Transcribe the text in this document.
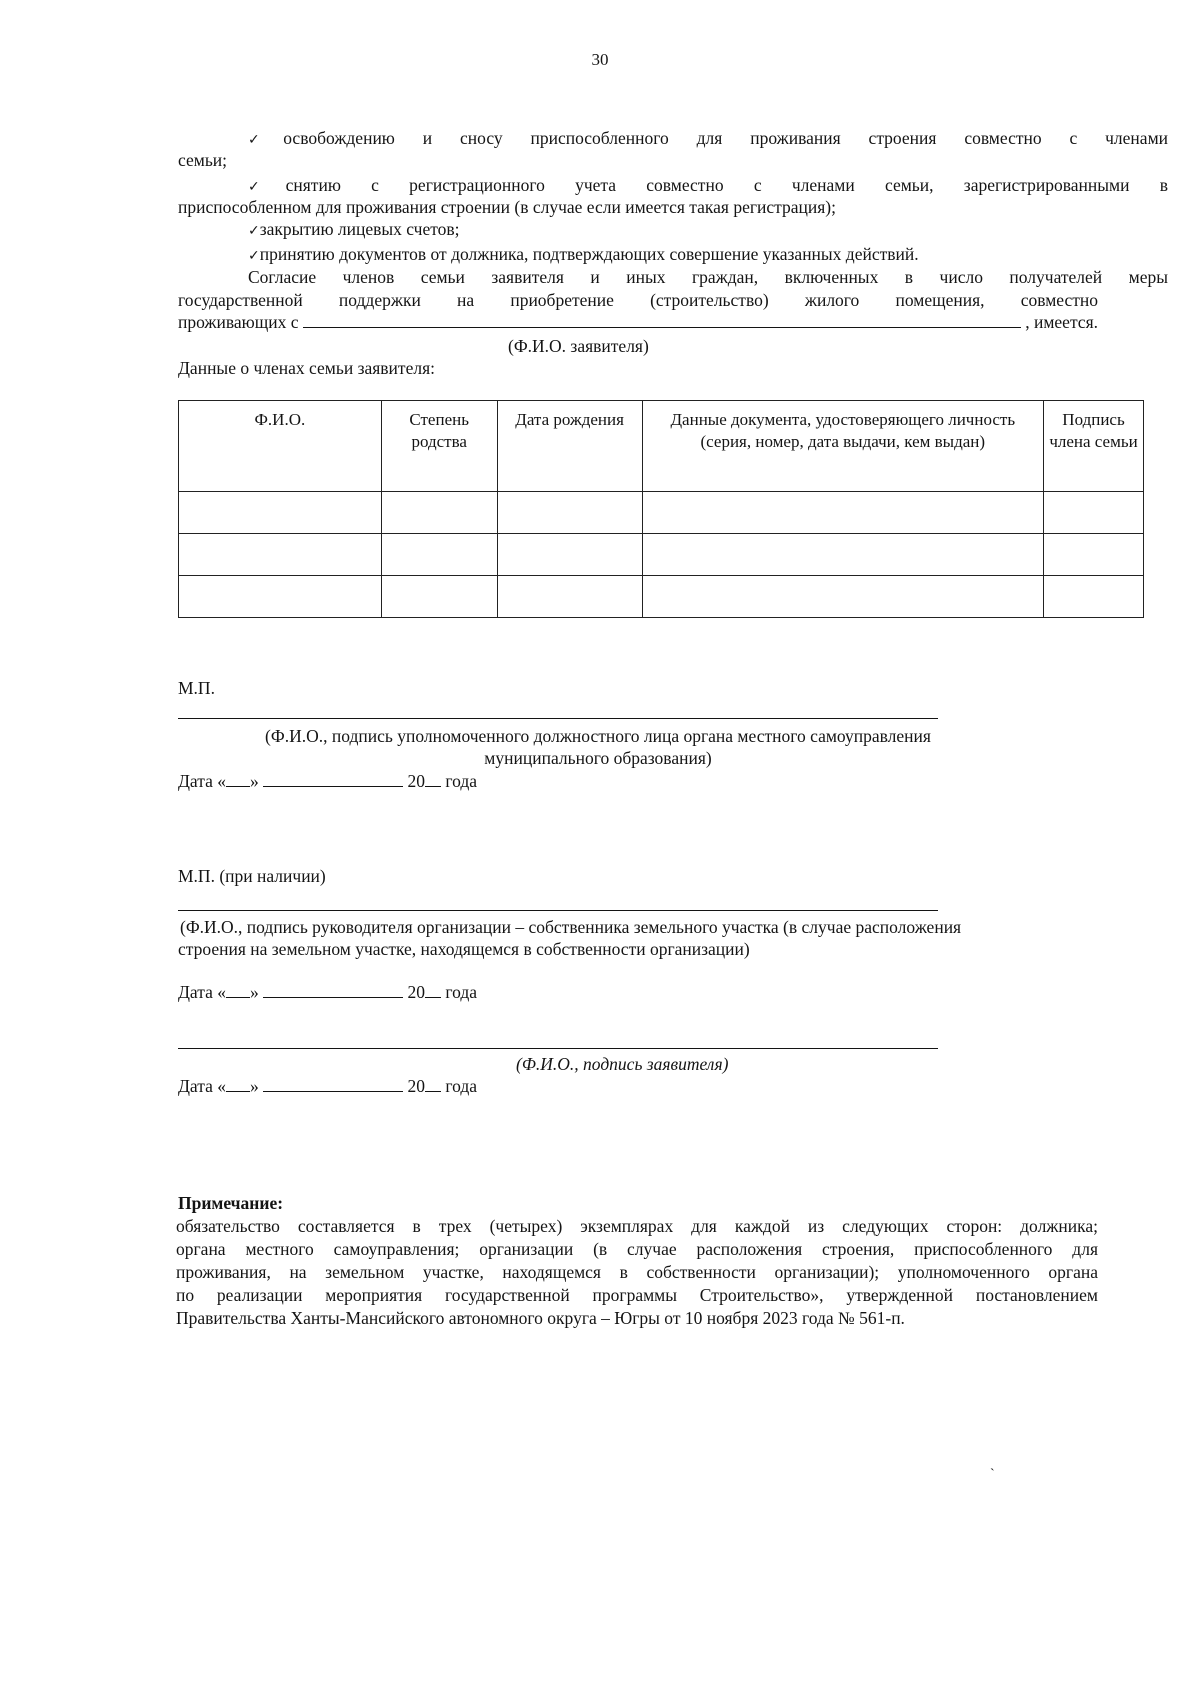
30
✓освобождению и сносу приспособленного для проживания строения совместно с членами
семьи;
✓снятию с регистрационного учета совместно с членами семьи, зарегистрированными в
приспособленном для проживания строении (в случае если имеется такая регистрация);
✓закрытию лицевых счетов;
✓принятию документов от должника, подтверждающих совершение указанных действий.
Согласие членов семьи заявителя и иных граждан, включенных в число получателей меры
государственной поддержки на приобретение (строительство) жилого помещения, совместно
проживающих с	, имеется.
(Ф.И.О. заявителя)
Данные о членах семьи заявителя:
Ф.И.О.	Степень родства	Дата рождения	Данные документа, удостоверяющего личность (серия, номер, дата выдачи, кем выдан)	Подпись члена семьи

М.П.
(Ф.И.О., подпись уполномоченного должностного лица органа местного самоуправления
муниципального образования)
Дата « »	20 года
М.П. (при наличии)
(Ф.И.О., подпись руководителя организации – собственника земельного участка (в случае расположения
строения на земельном участке, находящемся в собственности организации)
Дата « »	20 года
(Ф.И.О., подпись заявителя)
Дата « »	20 года
Примечание:
обязательство составляется в трех (четырех) экземплярах для каждой из следующих сторон: должника;
органа местного самоуправления; организации (в случае расположения строения, приспособленного для
проживания, на земельном участке, находящемся в собственности организации); уполномоченного органа
по реализации мероприятия государственной программы Строительство», утвержденной постановлением
Правительства Ханты-Мансийского автономного округа – Югры от 10 ноября 2023 года № 561-п.
`
